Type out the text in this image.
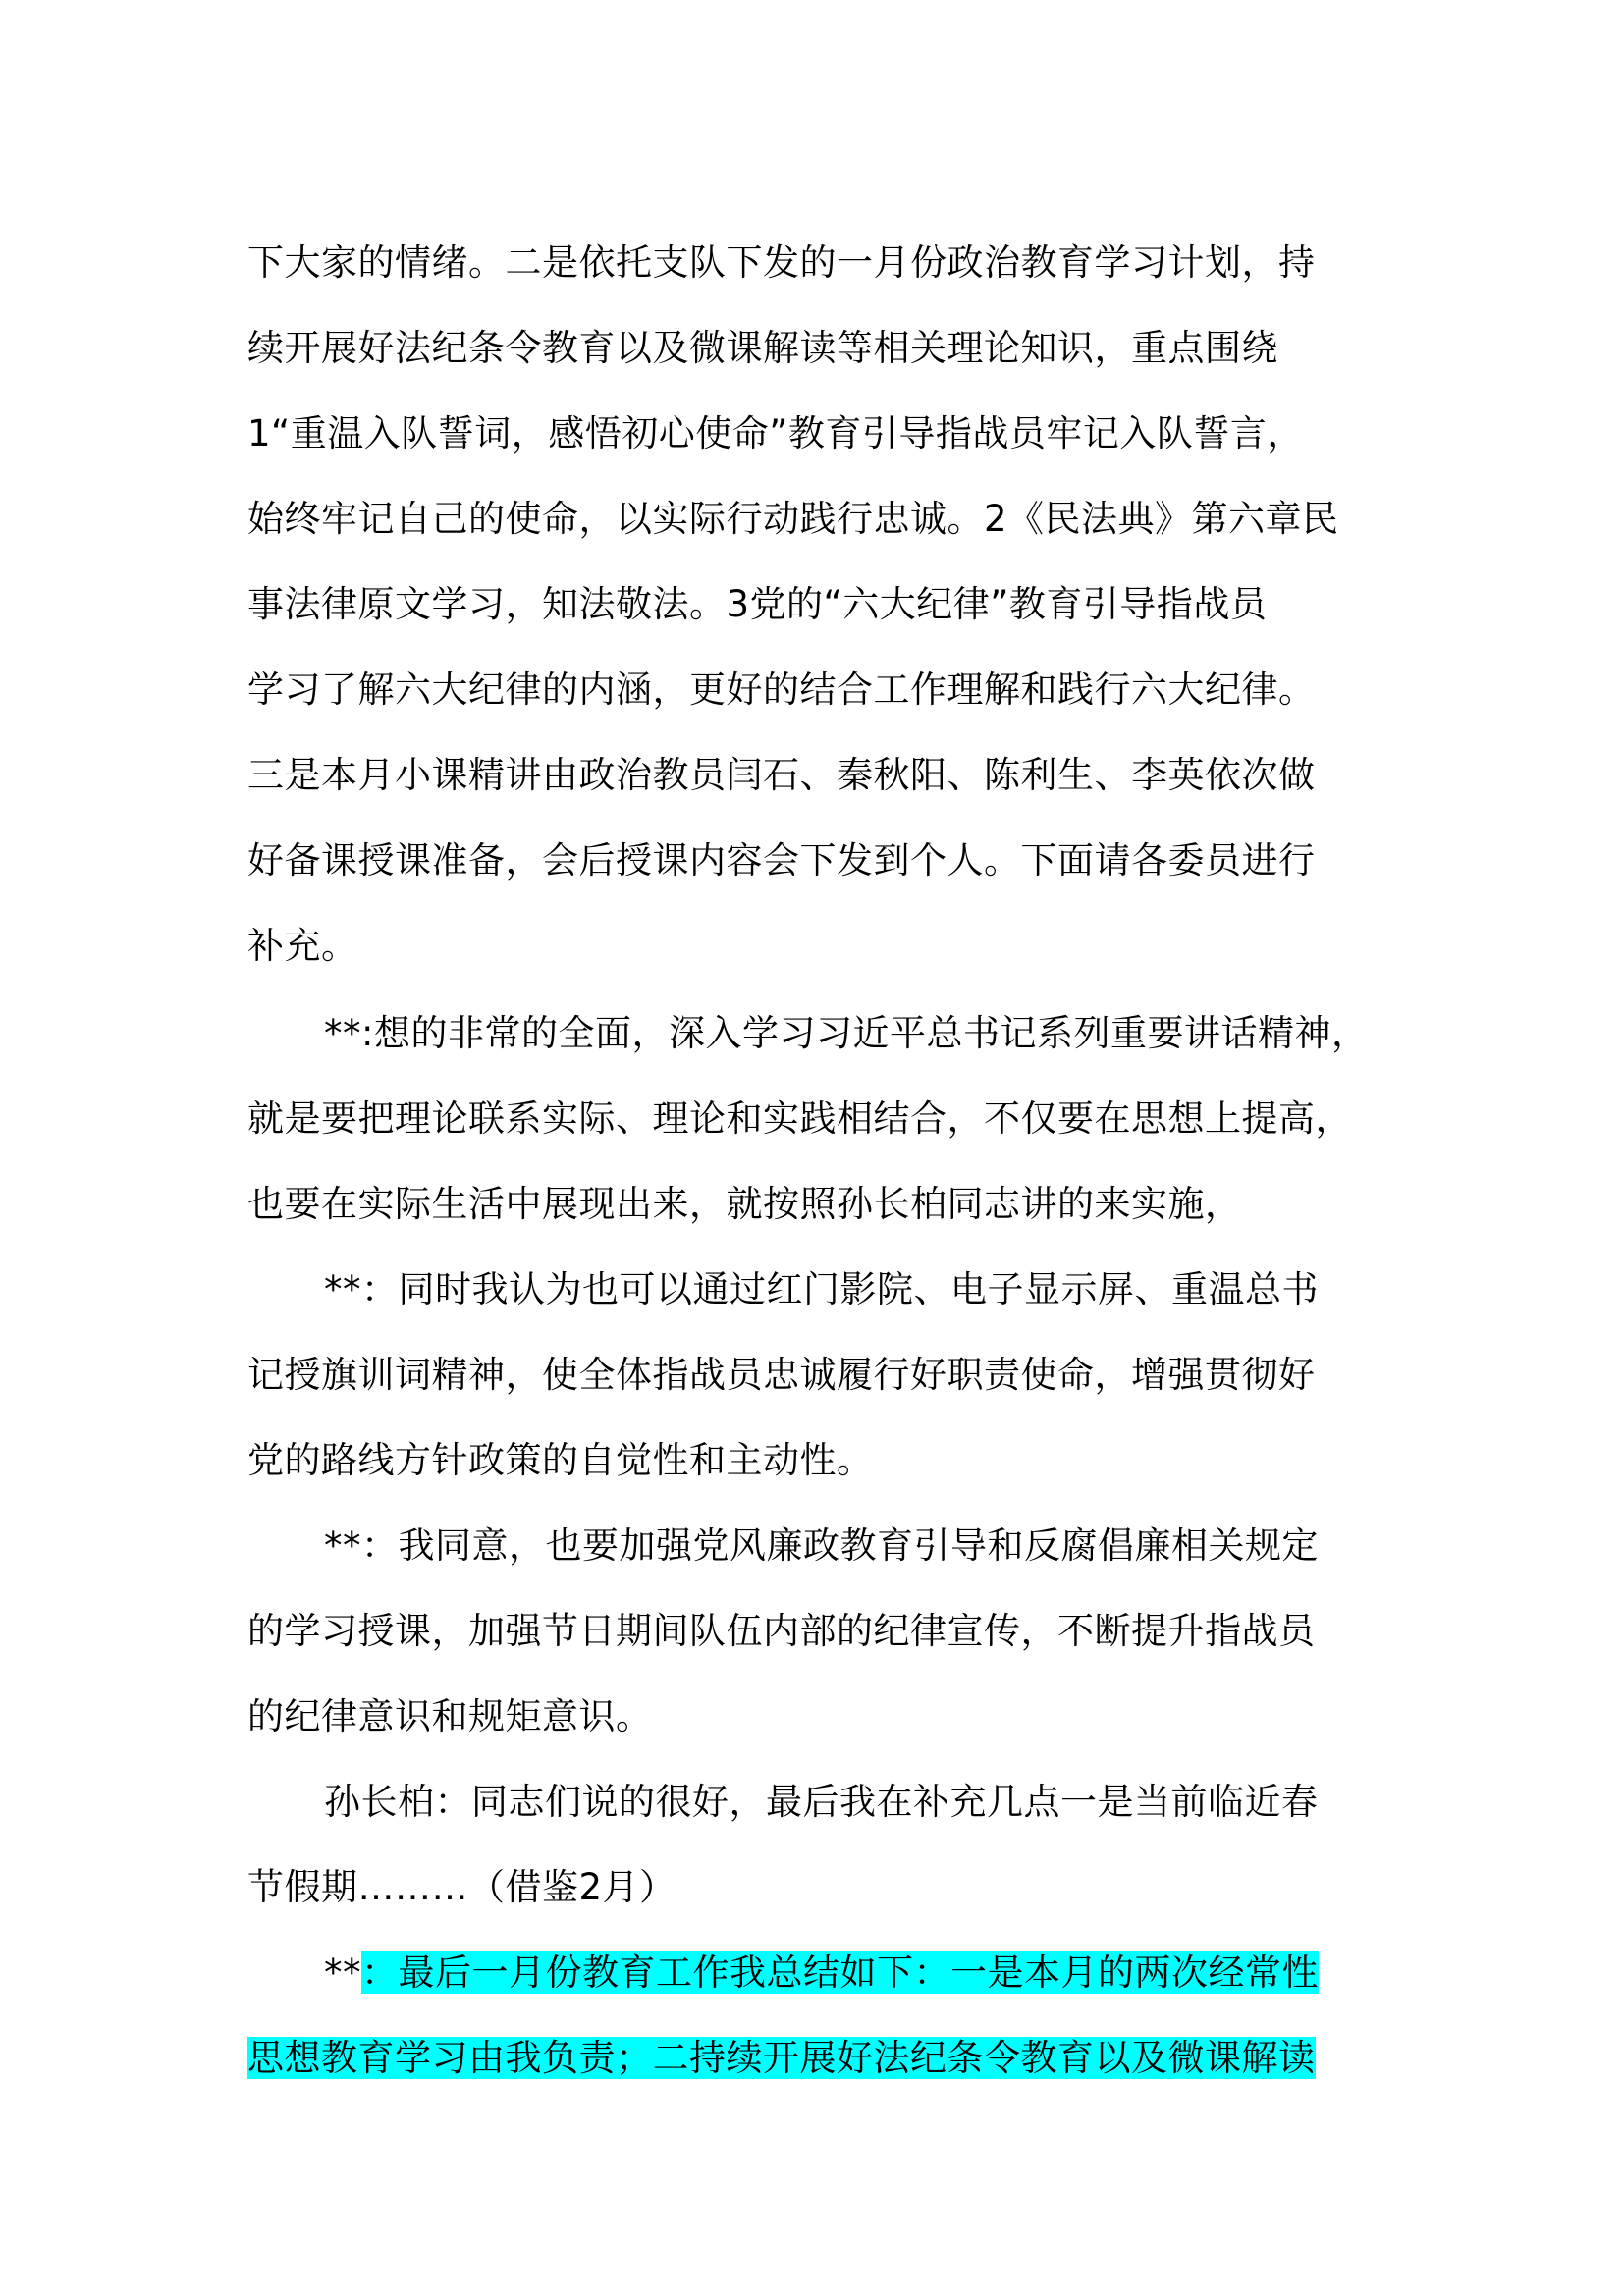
下大家的情绪。二是依托支队下发的一月份政治教育学习计划，持
续开展好法纪条令教育以及微课解读等相关理论知识，重点围绕
1“重温入队誓词，感悟初心使命”教育引导指战员牢记入队誓言，
始终牢记自己的使命，以实际行动践行忠诚。2《民法典》第六章民
事法律原文学习，知法敬法。3党的“六大纪律”教育引导指战员
学习了解六大纪律的内涵，更好的结合工作理解和践行六大纪律。
三是本月小课精讲由政治教员闫石、秦秋阳、陈利生、李英依次做
好备课授课准备，会后授课内容会下发到个人。下面请各委员进行
补充。
**:想的非常的全面，深入学习习近平总书记系列重要讲话精神，
就是要把理论联系实际、理论和实践相结合，不仅要在思想上提高，
也要在实际生活中展现出来，就按照孙长柏同志讲的来实施，
**：同时我认为也可以通过红门影院、电子显示屏、重温总书
记授旗训词精神，使全体指战员忠诚履行好职责使命，增强贯彻好
党的路线方针政策的自觉性和主动性。
**：我同意，也要加强党风廉政教育引导和反腐倡廉相关规定
的学习授课，加强节日期间队伍内部的纪律宣传，不断提升指战员
的纪律意识和规矩意识。
孙长柏：同志们说的很好，最后我在补充几点一是当前临近春
节假期………（借鉴2月）
**：最后一月份教育工作我总结如下：一是本月的两次经常性
思想教育学习由我负责；二持续开展好法纪条令教育以及微课解读
